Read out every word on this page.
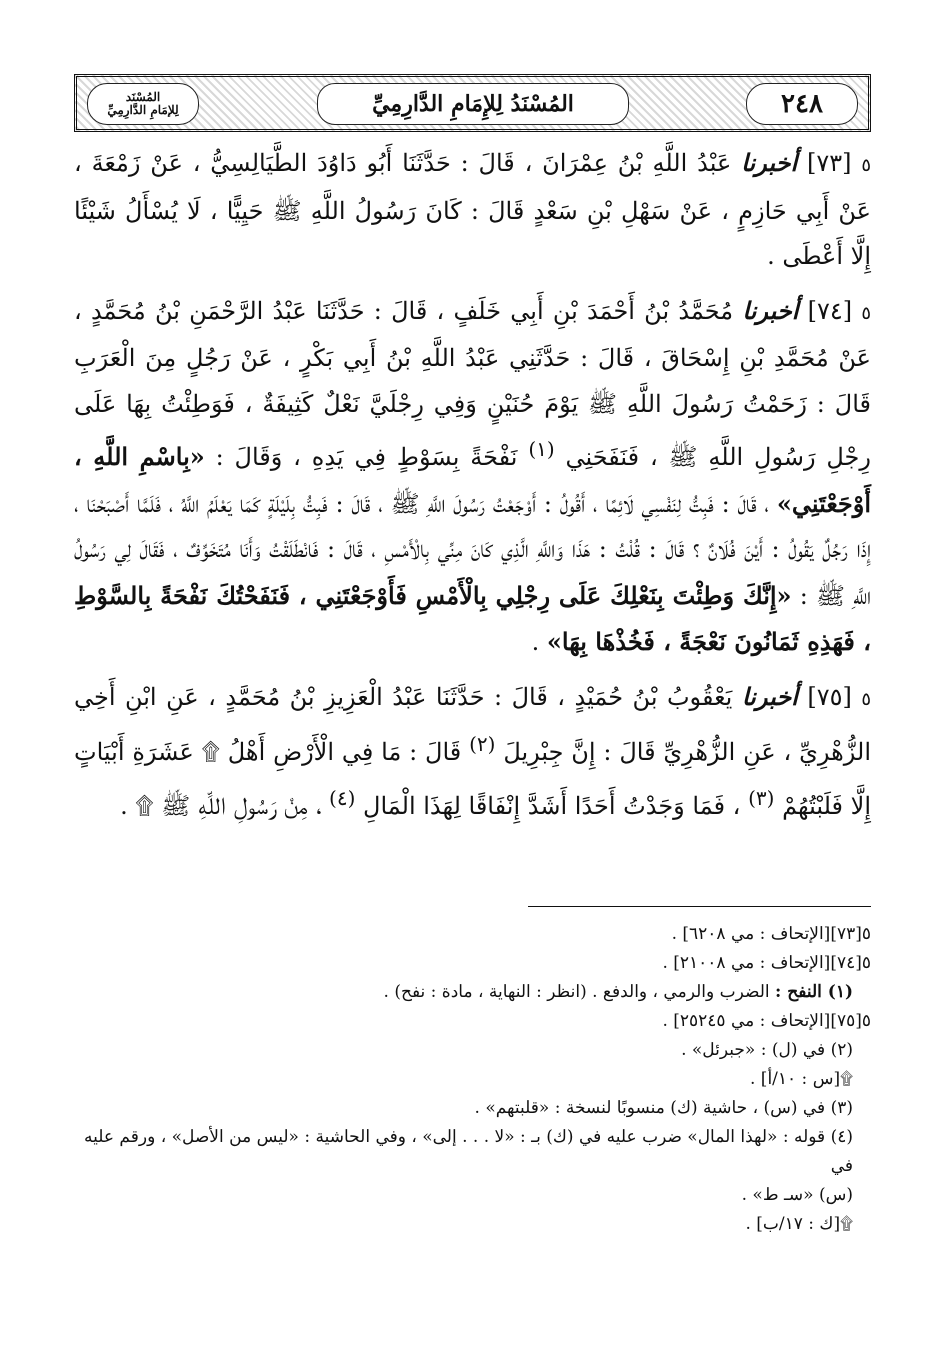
المُسْنَد
لِلإمَامِ الدَّارِمِيِّ	المُسْنَدُ لِلإِمَامِ الدَّارِمِيِّ	٢٤٨

٥ [٧٣] أخبرنا عَبْدُ اللَّهِ بْنُ عِمْرَانَ ، قَالَ : حَدَّثَنَا أَبُو دَاوُدَ الطَّيَالِسِيُّ ، عَنْ زَمْعَةَ ، عَنْ أَبِي حَازِمٍ ، عَنْ سَهْلِ بْنِ سَعْدٍ قَالَ : كَانَ رَسُولُ اللَّهِ ﷺ حَيِيًّا ، لَا يُسْأَلُ شَيْئًا إِلَّا أَعْطَى .

٥ [٧٤] أخبرنا مُحَمَّدُ بْنُ أَحْمَدَ بْنِ أَبِي خَلَفٍ ، قَالَ : حَدَّثَنَا عَبْدُ الرَّحْمَنِ بْنُ مُحَمَّدٍ ، عَنْ مُحَمَّدِ بْنِ إِسْحَاقَ ، قَالَ : حَدَّثَنِي عَبْدُ اللَّهِ بْنُ أَبِي بَكْرٍ ، عَنْ رَجُلٍ مِنَ الْعَرَبِ قَالَ : زَحَمْتُ رَسُولَ اللَّهِ ﷺ يَوْمَ حُنَيْنٍ وَفِي رِجْلَيَّ نَعْلٌ كَثِيفَةٌ ، فَوَطِئْتُ بِهَا عَلَى رِجْلِ رَسُولِ اللَّهِ ﷺ ، فَنَفَحَنِي $^{(١)}$ نَفْحَةً بِسَوْطٍ فِي يَدِهِ ، وَقَالَ : «بِاسْمِ اللَّهِ ، أَوْجَعْتَنِي» ، قَالَ : فَبِتُّ لِنَفْسِي لَائِمًا ، أَقُولُ : أَوْجَعْتُ رَسُولَ اللَّهِ ﷺ ، قَالَ : فَبِتُّ بِلَيْلَةٍ كَمَا يَعْلَمُ اللَّهُ ، فَلَمَّا أَصْبَحْنَا ، إِذَا رَجُلٌ يَقُولُ : أَيْنَ فُلَانٌ ؟ قَالَ : قُلْتُ : هَذَا وَاللَّهِ الَّذِي كَانَ مِنِّي بِالْأَمْسِ ، قَالَ : فَانْطَلَقْتُ وَأَنَا مُتَخَوِّفٌ ، فَقَالَ لِي رَسُولُ اللَّهِ ﷺ : «إِنَّكَ وَطِئْتَ بِنَعْلِكَ عَلَى رِجْلِي بِالْأَمْسِ فَأَوْجَعْتَنِي ، فَنَفَحْتُكَ نَفْحَةً بِالسَّوْطِ ، فَهَذِهِ ثَمَانُونَ نَعْجَةً ، فَخُذْهَا بِهَا» .

٥ [٧٥] أخبرنا يَعْقُوبُ بْنُ حُمَيْدٍ ، قَالَ : حَدَّثَنَا عَبْدُ الْعَزِيزِ بْنُ مُحَمَّدٍ ، عَنِ ابْنِ أَخِي الزُّهْرِيِّ ، عَنِ الزُّهْرِيِّ قَالَ : إِنَّ جِبْرِيلَ $^{(٢)}$ قَالَ : مَا فِي الْأَرْضِ أَهْلُ ۩ عَشَرَةِ أَبْيَاتٍ إِلَّا فَلَبْتُهُمْ $^{(٣)}$ ، فَمَا وَجَدْتُ أَحَدًا أَشَدَّ إِنْفَاقًا لِهَذَا الْمَالِ $^{(٤)}$ ، مِنْ رَسُولِ اللَّهِ ﷺ ۩ .

٥[٧٣][الإتحاف : مي ٦٢٠٨] .

٥[٧٤][الإتحاف : مي ٢١٠٠٨] .

(١) النفح : الضرب والرمي ، والدفع . (انظر : النهاية ، مادة : نفح) .

٥[٧٥][الإتحاف : مي ٢٥٢٤٥] .

(٢) في (ل) : «جبرئل» .

۩[س : ١٠/أ] .

(٣) في (س) ، حاشية (ك) منسوبًا لنسخة : «قلبتهم» .

(٤) قوله : «لهذا المال» ضرب عليه في (ك) بـ : «لا . . . إلى» ، وفي الحاشية : «ليس من الأصل» ، ورقم عليه في

(س) «سـ ط» .

۩[ك : ١٧/ب] .
